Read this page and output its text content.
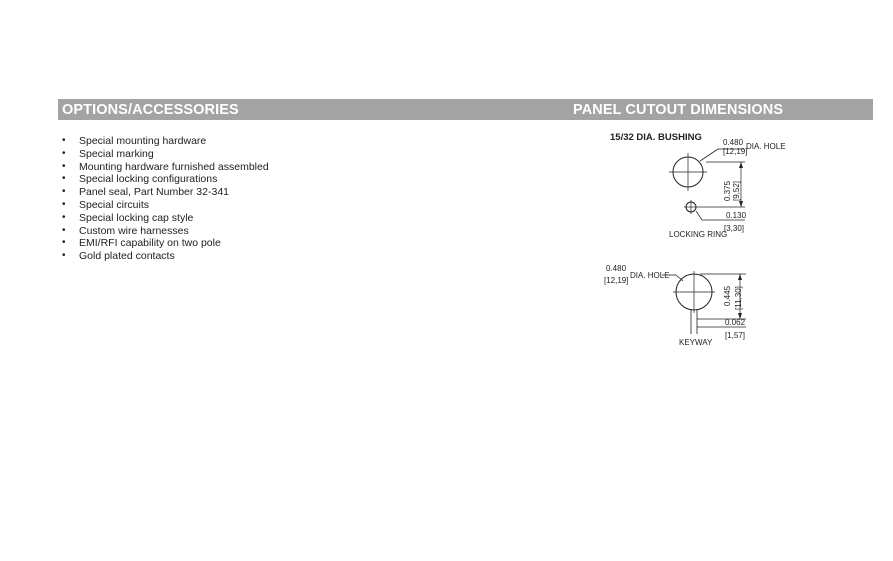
OPTIONS/ACCESSORIES	PANEL CUTOUT DIMENSIONS
• Special mounting hardware
• Special marking
• Mounting hardware furnished assembled
• Special locking configurations
• Panel seal, Part Number 32-341
• Special circuits
• Special locking cap style
• Custom wire harnesses
• EMI/RFI capability on two pole
• Gold plated contacts
15/32 DIA. BUSHING	0.480
[12,19]
DIA. HOLE
0.375 [9,52]
0.130
[3,30]
LOCKING RING
0.480
[12,19]
DIA. HOLE
0.445 [11,30]
0.062
[1,57]
KEYWAY
